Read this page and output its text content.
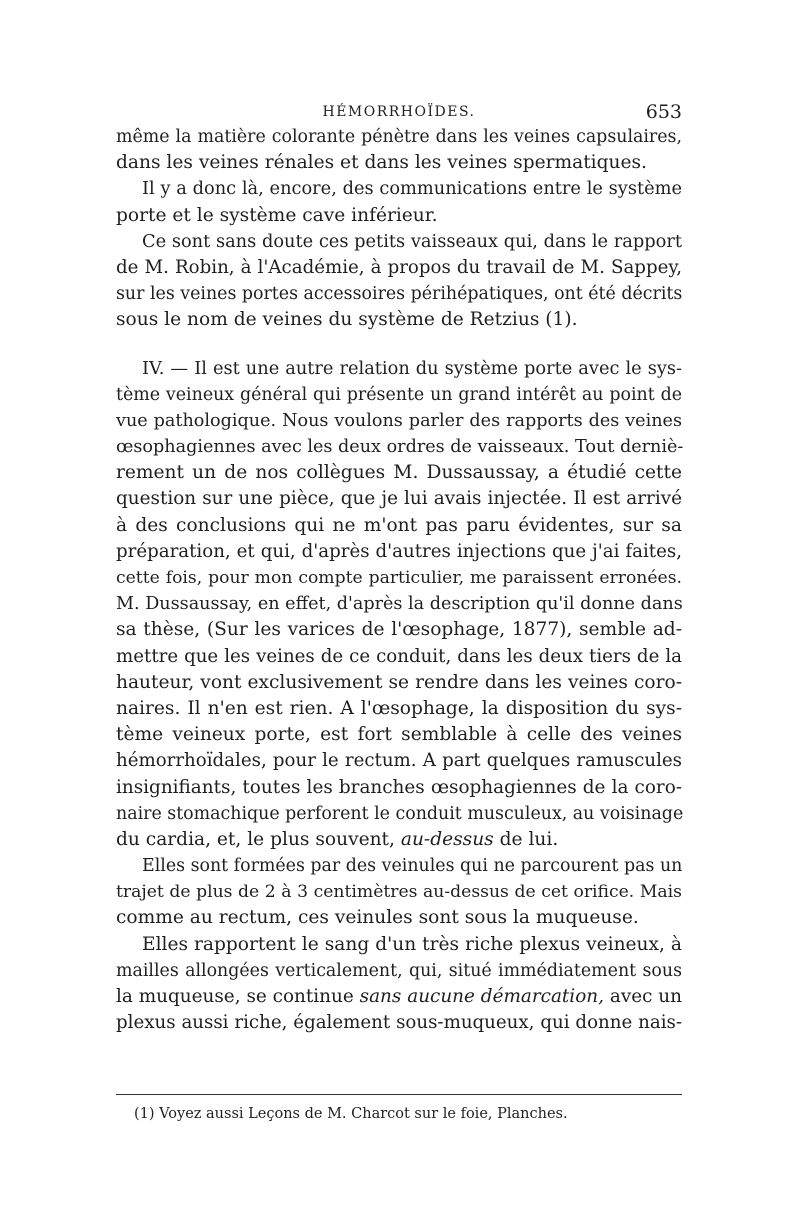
HÉMORRHOÏDES.	653
même la matière colorante pénètre dans les veines capsulaires,
dans les veines rénales et dans les veines spermatiques.
Il y a donc là, encore, des communications entre le système
porte et le système cave inférieur.
Ce sont sans doute ces petits vaisseaux qui, dans le rapport
de M. Robin, à l'Académie, à propos du travail de M. Sappey,
sur les veines portes accessoires périhépatiques, ont été décrits
sous le nom de veines du système de Retzius (1).
IV. — Il est une autre relation du système porte avec le sys-
tème veineux général qui présente un grand intérêt au point de
vue pathologique. Nous voulons parler des rapports des veines
œsophagiennes avec les deux ordres de vaisseaux. Tout derniè-
rement un de nos collègues M. Dussaussay, a étudié cette
question sur une pièce, que je lui avais injectée. Il est arrivé
à des conclusions qui ne m'ont pas paru évidentes, sur sa
préparation, et qui, d'après d'autres injections que j'ai faites,
cette fois, pour mon compte particulier, me paraissent erronées.
M. Dussaussay, en effet, d'après la description qu'il donne dans
sa thèse, (Sur les varices de l'œsophage, 1877), semble ad-
mettre que les veines de ce conduit, dans les deux tiers de la
hauteur, vont exclusivement se rendre dans les veines coro-
naires. Il n'en est rien. A l'œsophage, la disposition du sys-
tème veineux porte, est fort semblable à celle des veines
hémorrhoïdales, pour le rectum. A part quelques ramuscules
insignifiants, toutes les branches œsophagiennes de la coro-
naire stomachique perforent le conduit musculeux, au voisinage
du cardia, et, le plus souvent, au-dessus de lui.
Elles sont formées par des veinules qui ne parcourent pas un
trajet de plus de 2 à 3 centimètres au-dessus de cet orifice. Mais
comme au rectum, ces veinules sont sous la muqueuse.
Elles rapportent le sang d'un très riche plexus veineux, à
mailles allongées verticalement, qui, situé immédiatement sous
la muqueuse, se continue sans aucune démarcation, avec un
plexus aussi riche, également sous-muqueux, qui donne nais-
(1) Voyez aussi Leçons de M. Charcot sur le foie, Planches.
